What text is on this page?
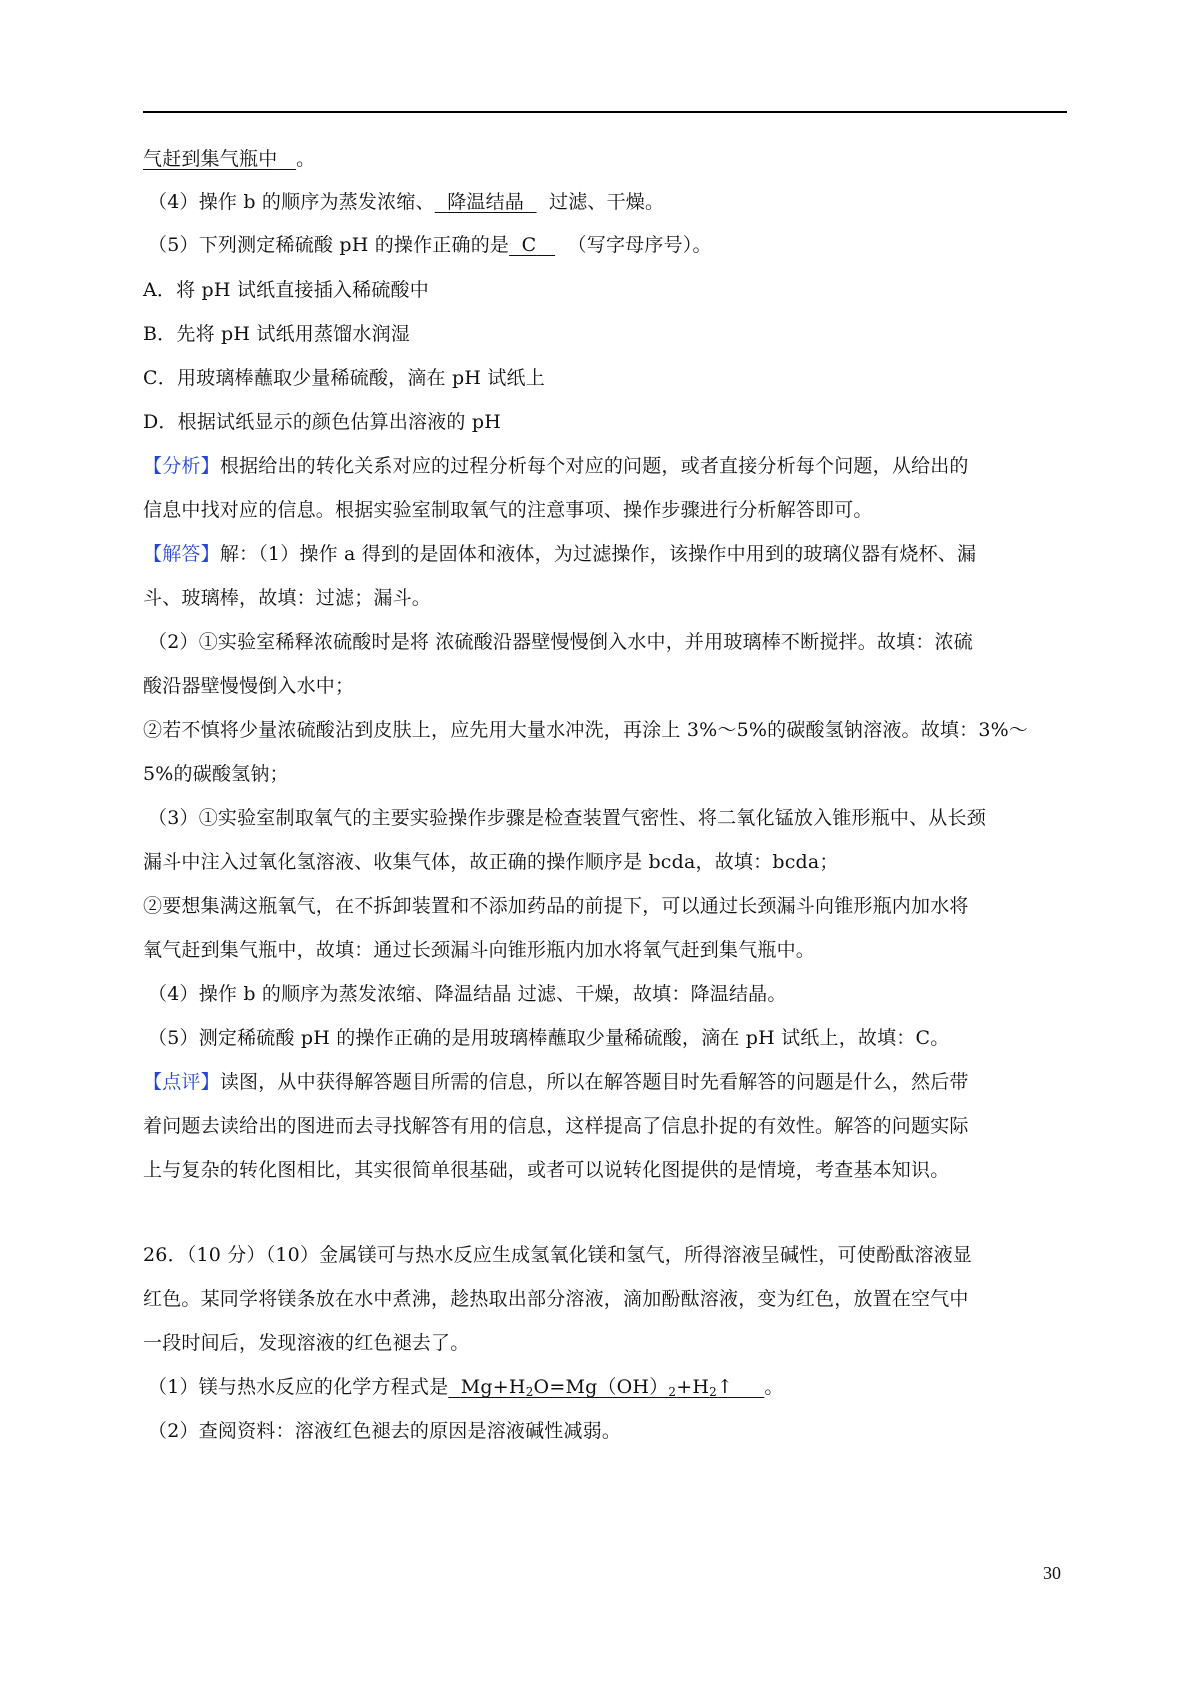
气赶到集气瓶中 。
（4）操作 b 的顺序为蒸发浓缩、 降温结晶 过滤、干燥。
（5）下列测定稀硫酸 pH 的操作正确的是 C （写字母序号）。
A．将 pH 试纸直接插入稀硫酸中
B．先将 pH 试纸用蒸馏水润湿
C．用玻璃棒蘸取少量稀硫酸，滴在 pH 试纸上
D．根据试纸显示的颜色估算出溶液的 pH
【分析】根据给出的转化关系对应的过程分析每个对应的问题，或者直接分析每个问题，从给出的
信息中找对应的信息。根据实验室制取氧气的注意事项、操作步骤进行分析解答即可。
【解答】解：（1）操作 a 得到的是固体和液体，为过滤操作，该操作中用到的玻璃仪器有烧杯、漏
斗、玻璃棒，故填：过滤；漏斗。
（2）①实验室稀释浓硫酸时是将 浓硫酸沿器壁慢慢倒入水中，并用玻璃棒不断搅拌。故填：浓硫
酸沿器壁慢慢倒入水中；
②若不慎将少量浓硫酸沾到皮肤上，应先用大量水冲洗，再涂上 3%～5%的碳酸氢钠溶液。故填：3%～
5%的碳酸氢钠；
（3）①实验室制取氧气的主要实验操作步骤是检查装置气密性、将二氧化锰放入锥形瓶中、从长颈
漏斗中注入过氧化氢溶液、收集气体，故正确的操作顺序是 bcda，故填：bcda；
②要想集满这瓶氧气，在不拆卸装置和不添加药品的前提下，可以通过长颈漏斗向锥形瓶内加水将
氧气赶到集气瓶中，故填：通过长颈漏斗向锥形瓶内加水将氧气赶到集气瓶中。
（4）操作 b 的顺序为蒸发浓缩、降温结晶 过滤、干燥，故填：降温结晶。
（5）测定稀硫酸 pH 的操作正确的是用玻璃棒蘸取少量稀硫酸，滴在 pH 试纸上，故填：C。
【点评】读图，从中获得解答题目所需的信息，所以在解答题目时先看解答的问题是什么，然后带
着问题去读给出的图进而去寻找解答有用的信息，这样提高了信息扑捉的有效性。解答的问题实际
上与复杂的转化图相比，其实很简单很基础，或者可以说转化图提供的是情境，考查基本知识。
26．（10 分）（10）金属镁可与热水反应生成氢氧化镁和氢气，所得溶液呈碱性，可使酚酞溶液显
红色。某同学将镁条放在水中煮沸，趁热取出部分溶液，滴加酚酞溶液，变为红色，放置在空气中
一段时间后，发现溶液的红色褪去了。
（1）镁与热水反应的化学方程式是 $Mg+H_2O=Mg(OH)_2+H_2↑$ 。
（2）查阅资料：溶液红色褪去的原因是溶液碱性减弱。
30
